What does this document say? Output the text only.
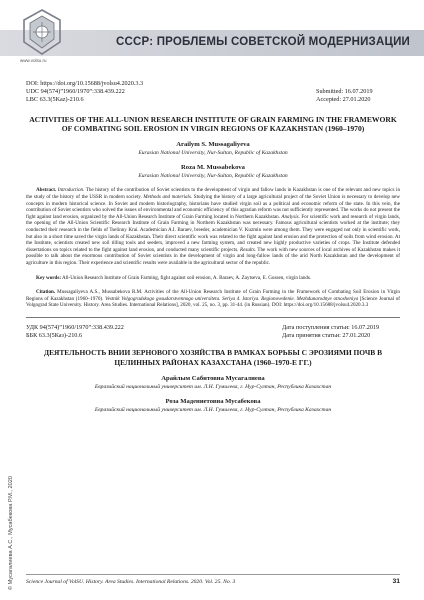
www.volsu.ru
СССР: ПРОБЛЕМЫ СОВЕТСКОЙ МОДЕРНИЗАЦИИ
© Мусагалиева А.С., Мусабекова Р.М., 2020
DOI: https://doi.org/10.15688/jvolsu4.2020.3.3
UDC 94(574)”1960/1970”:338.439.222	Submitted: 16.07.2019
LBC 63.3(5Kaz)-210.6	Accepted: 27.01.2020
ACTIVITIES OF THE ALL-UNION RESEARCH INSTITUTE OF GRAIN FARMING IN THE FRAMEWORK OF COMBATING SOIL EROSION IN VIRGIN REGIONS OF KAZAKHSTAN (1960–1970)
Arailym S. Mussagaliyeva
Eurasian National University, Nur-Sultan, Republic of Kazakhstan
Roza M. Mussabekova
Eurasian National University, Nur-Sultan, Republic of Kazakhstan

Abstract. Introduction. The history of the contribution of Soviet scientists to the development of virgin and fallow lands in Kazakhstan is one of the relevant and new topics in the study of the history of the USSR in modern society. Methods and materials. Studying the history of a large agricultural project of the Soviet Union is necessary to develop new concepts in modern historical science. In Soviet and modern historiography, historians have studied virgin soil as a political and economic reform of the state. In this vein, the contribution of Soviet scientists who solved the issues of environmental and economic efficiency of this agrarian reform was not sufficiently represented. The works do not present the fight against land erosion, organized by the All-Union Research Institute of Grain Farming located in Northern Kazakhstan. Analysis. For scientific work and research of virgin lands, the opening of the All-Union Scientific Research Institute of Grain Farming in Northern Kazakhstan was necessary. Famous agricultural scientists worked at the institute; they conducted their research in the fields of Tselinny Krai. Academician A.I. Baraev, breeder, academician V. Kuzmin were among them. They were engaged not only in scientific work, but also in a short time saved the virgin lands of Kazakhstan. Their direct scientific work was related to the fight against land erosion and the protection of soils from wind erosion. At the Institute, scientists created new soil tilling tools and seeders, improved a new farming system, and created new highly productive varieties of crops. The Institute defended dissertations on topics related to the fight against land erosion, and conducted many scientific projects. Results. The work with new sources of local archives of Kazakhstan makes it possible to talk about the enormous contribution of Soviet scientists in the development of virgin and long-fallow lands of the arid North Kazakhstan and the development of agriculture in this region. Their experience and scientific results were available in the agricultural sector of the republic.

Key words: All-Union Research Institute of Grain Farming, fight against soil erosion, A. Baraev, A. Zaytseva, E. Gossen, virgin lands.

Citation. Mussagaliyeva A.S., Mussabekova R.M. Activities of the All-Union Research Institute of Grain Farming in the Framework of Combating Soil Erosion in Virgin Regions of Kazakhstan (1960–1970). Vestnik Volgogradskogo gosudarstvennogo universiteta. Seriya 4. Istoriya. Regionovedenie. Mezhdunarodnye otnosheniya [Science Journal of Volgograd State University. History. Area Studies. International Relations], 2020, vol. 25, no. 3, pp. 31-44. (in Russian). DOI: https://doi.org/10.15688/jvolsu4.2020.3.3

УДК 94(574)”1960/1970”:338.439.222	Дата поступления статьи: 16.07.2019
ББК 63.3(5Каз)-210.6	Дата принятия статьи: 27.01.2020
ДЕЯТЕЛЬНОСТЬ ВНИИ ЗЕРНОВОГО ХОЗЯЙСТВА В РАМКАХ БОРЬБЫ С ЭРОЗИЯМИ ПОЧВ В ЦЕЛИННЫХ РАЙОНАХ КАЗАХСТАНА (1960–1970-Е ГГ.)
Арайлым Сабитовна Мусагалиева
Евразийский национальный университет им. Л.Н. Гумилева, г. Нур-Султан, Республика Казахстан
Роза Мадениетовна Мусабекова
Евразийский национальный университет им. Л.Н. Гумилева, г. Нур-Султан, Республика Казахстан
Science Journal of VolSU. History. Area Studies. International Relations. 2020. Vol. 25. No. 3	31
